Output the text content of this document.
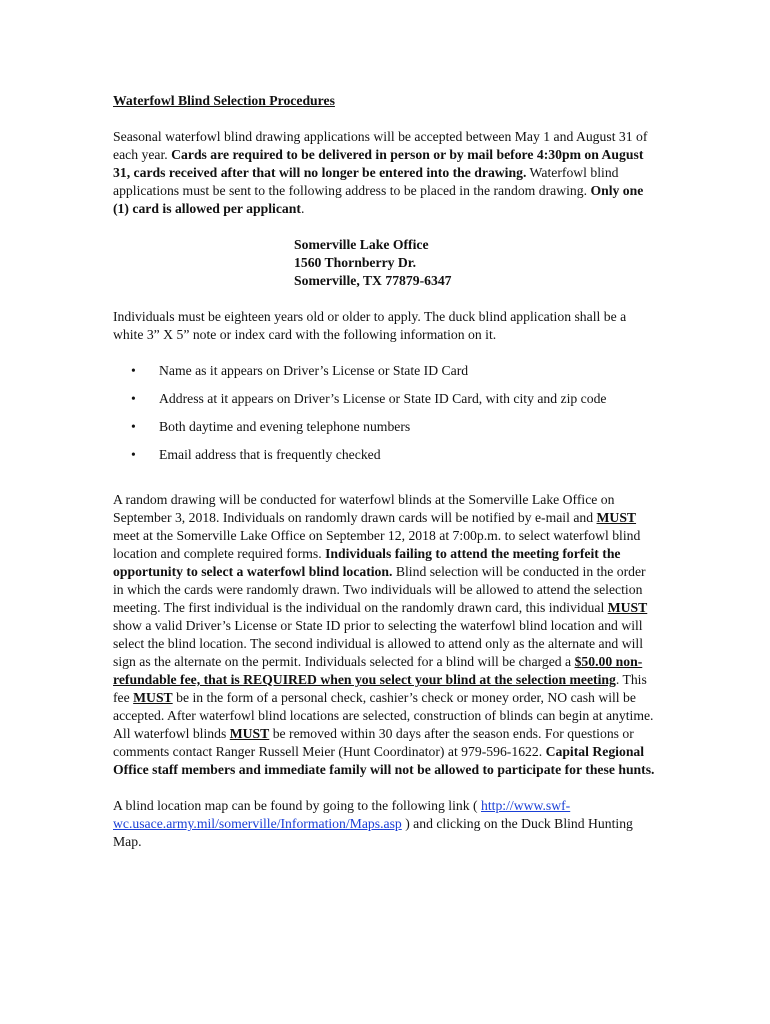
Waterfowl Blind Selection Procedures

Seasonal waterfowl blind drawing applications will be accepted between May 1 and August 31 of each year. Cards are required to be delivered in person or by mail before 4:30pm on August 31, cards received after that will no longer be entered into the drawing. Waterfowl blind applications must be sent to the following address to be placed in the random drawing. Only one (1) card is allowed per applicant.

Somerville Lake Office
1560 Thornberry Dr.
Somerville, TX 77879-6347

Individuals must be eighteen years old or older to apply. The duck blind application shall be a white 3” X 5” note or index card with the following information on it.

• Name as it appears on Driver’s License or State ID Card
• Address at it appears on Driver’s License or State ID Card, with city and zip code
• Both daytime and evening telephone numbers
• Email address that is frequently checked

A random drawing will be conducted for waterfowl blinds at the Somerville Lake Office on September 3, 2018. Individuals on randomly drawn cards will be notified by e-mail and MUST meet at the Somerville Lake Office on September 12, 2018 at 7:00p.m. to select waterfowl blind location and complete required forms. Individuals failing to attend the meeting forfeit the opportunity to select a waterfowl blind location. Blind selection will be conducted in the order in which the cards were randomly drawn. Two individuals will be allowed to attend the selection meeting. The first individual is the individual on the randomly drawn card, this individual MUST show a valid Driver’s License or State ID prior to selecting the waterfowl blind location and will select the blind location. The second individual is allowed to attend only as the alternate and will sign as the alternate on the permit. Individuals selected for a blind will be charged a $50.00 non-refundable fee, that is REQUIRED when you select your blind at the selection meeting. This fee MUST be in the form of a personal check, cashier’s check or money order, NO cash will be accepted. After waterfowl blind locations are selected, construction of blinds can begin at anytime. All waterfowl blinds MUST be removed within 30 days after the season ends. For questions or comments contact Ranger Russell Meier (Hunt Coordinator) at 979-596-1622. Capital Regional Office staff members and immediate family will not be allowed to participate for these hunts.

A blind location map can be found by going to the following link ( http://www.swf-wc.usace.army.mil/somerville/Information/Maps.asp ) and clicking on the Duck Blind Hunting Map.
